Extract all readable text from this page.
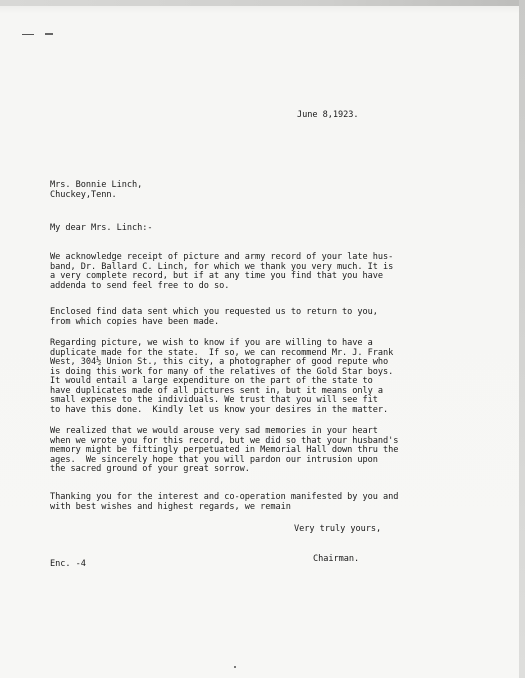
June 8,1923.
Mrs. Bonnie Linch,
Chuckey,Tenn.
My dear Mrs. Linch:-
We acknowledge receipt of picture and army record of your late hus-
band, Dr. Ballard C. Linch, for which we thank you very much. It is
a very complete record, but if at any time you find that you have
addenda to send feel free to do so.
Enclosed find data sent which you requested us to return to you,
from which copies have been made.
Regarding picture, we wish to know if you are willing to have a
duplicate made for the state.  If so, we can recommend Mr. J. Frank
West, 304½ Union St., this city, a photographer of good repute who
is doing this work for many of the relatives of the Gold Star boys.
It would entail a large expenditure on the part of the state to
have duplicates made of all pictures sent in, but it means only a
small expense to the individuals. We trust that you will see fit
to have this done.  Kindly let us know your desires in the matter.
We realized that we would arouse very sad memories in your heart
when we wrote you for this record, but we did so that your husband's
memory might be fittingly perpetuated in Memorial Hall down thru the
ages.  We sincerely hope that you will pardon our intrusion upon
the sacred ground of your great sorrow.
Thanking you for the interest and co-operation manifested by you and
with best wishes and highest regards, we remain
Very truly yours,
Chairman.
Enc. -4
